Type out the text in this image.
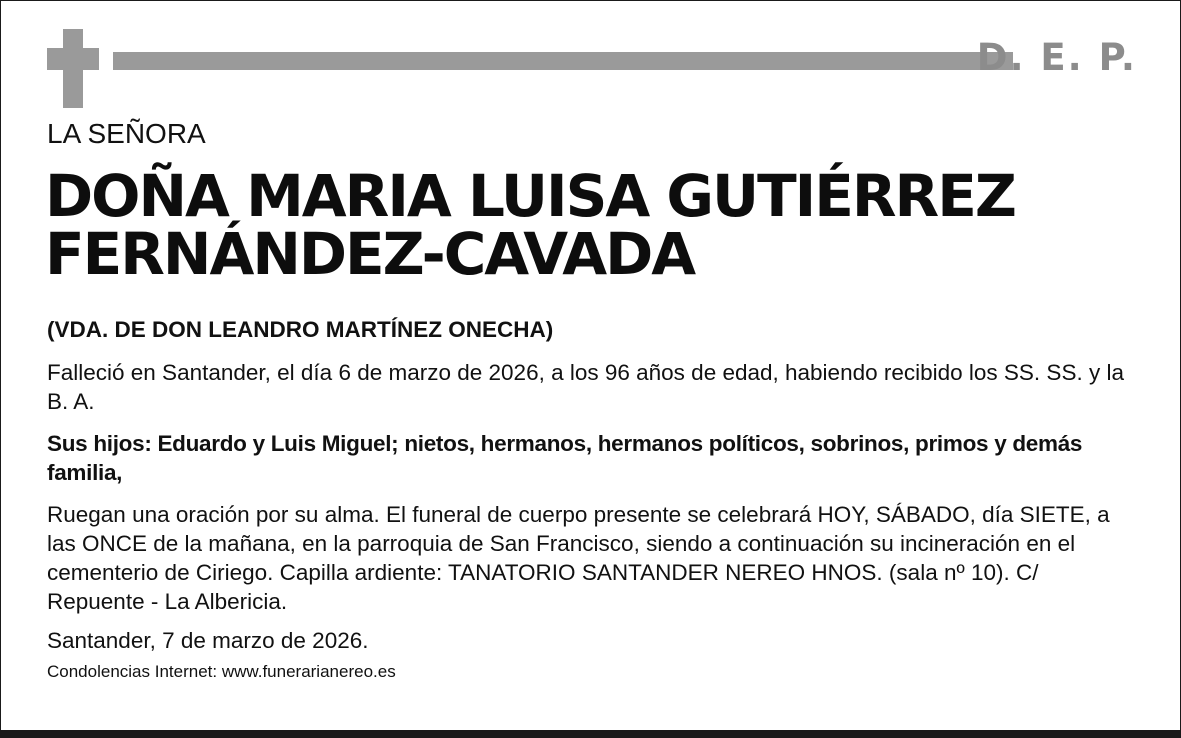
D. E. P.
LA SEÑORA
DOÑA MARIA LUISA GUTIÉRREZ
FERNÁNDEZ-CAVADA
(VDA. DE DON LEANDRO MARTÍNEZ ONECHA)
Falleció en Santander, el día 6 de marzo de 2026, a los 96 años de edad, habiendo recibido los SS. SS. y la B. A.
Sus hijos: Eduardo y Luis Miguel; nietos, hermanos, hermanos políticos, sobrinos, primos y demás familia,
Ruegan una oración por su alma. El funeral de cuerpo presente se celebrará HOY, SÁBADO, día SIETE, a las ONCE de la mañana, en la parroquia de San Francisco, siendo a continuación su incineración en el cementerio de Ciriego. Capilla ardiente: TANATORIO SANTANDER NEREO HNOS. (sala nº 10). C/ Repuente - La Albericia.
Santander, 7 de marzo de 2026.
Condolencias Internet: www.funerarianereo.es
